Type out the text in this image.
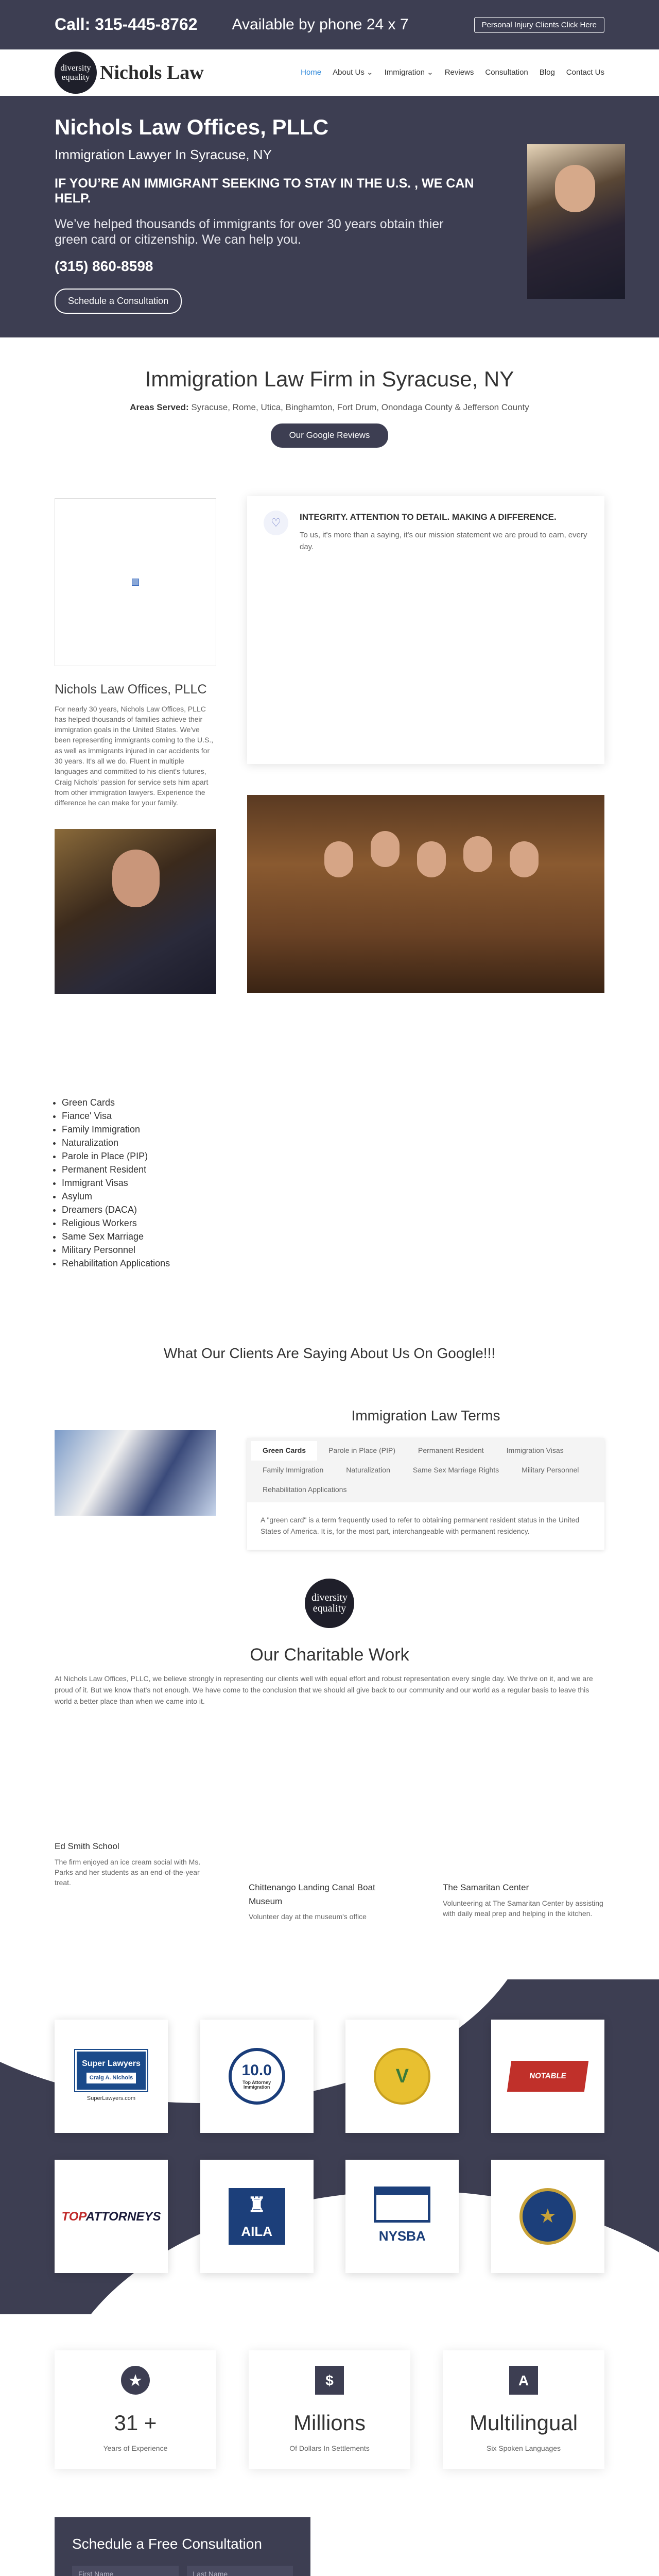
Call: 315-445-8762 Available by phone 24 x 7	Personal Injury Clients Click Here
diversity
equality Nichols Law	Home About Us ⌄ Immigration ⌄ Reviews Consultation Blog Contact Us
Nichols Law Offices, PLLC
Immigration Lawyer In Syracuse, NY
IF YOU’RE AN IMMIGRANT SEEKING TO STAY IN THE U.S. , WE CAN HELP.

We’ve helped thousands of immigrants for over 30 years obtain thier green card or citizenship. We can help you.

(315) 860-8598

Schedule a Consultation
Immigration Law Firm in Syracuse, NY
Areas Served: Syracuse, Rome, Utica, Binghamton, Fort Drum, Onondaga County & Jefferson County
Our Google Reviews
Nichols Law Offices, PLLC
For nearly 30 years, Nichols Law Offices, PLLC has helped thousands of families achieve their immigration goals in the United States. We've been representing immigrants coming to the U.S., as well as immigrants injured in car accidents for 30 years. It's all we do. Fluent in multiple languages and committed to his client's futures, Craig Nichols' passion for service sets him apart from other immigration lawyers. Experience the difference he can make for your family.
• Green Cards
• Fiance' Visa
• Family Immigration
• Naturalization
• Parole in Place (PIP)
• Permanent Resident
• Immigrant Visas
• Asylum
• Dreamers (DACA)
• Religious Workers
• Same Sex Marriage
• Military Personnel
• Rehabilitation Applications
♡	INTEGRITY. ATTENTION TO DETAIL. MAKING A DIFFERENCE.
To us, it's more than a saying, it's our mission statement we are proud to earn, every day.
What Our Clients Are Saying About Us On Google!!!
Immigration Law Terms
Green Cards	Parole in Place (PIP)	Permanent Resident	Immigration Visas
Family Immigration	Naturalization	Same Sex Marriage Rights	Military Personnel
Rehabilitation Applications
A "green card" is a term frequently used to refer to obtaining permanent resident status in the United States of America. It is, for the most part, interchangeable with permanent residency.
diversity
equality
Our Charitable Work
At Nichols Law Offices, PLLC, we believe strongly in representing our clients well with equal effort and robust representation every single day. We thrive on it, and we are proud of it. But we know that's not enough. We have come to the conclusion that we should all give back to our community and our world as a regular basis to leave this world a better place than when we came into it.
Ed Smith School

The firm enjoyed an ice cream social with Ms. Parks and her students as an end-of-the-year treat.

Chittenango Landing Canal Boat Museum

Volunteer day at the museum's office

The Samaritan Center

Volunteering at The Samaritan Center by assisting with daily meal prep and helping in the kitchen.

Super Lawyers
Craig A. Nichols
SuperLawyers.com
10.0
Top Attorney Immigration
V	NOTABLE
TOPATTORNEYS
♜
AILA	NYSBA
★
★
31 +
Years of Experience
$
Millions
Of Dollars In Settlements
A
Multilingual
Six Spoken Languages
Schedule a Free Consultation
First Name
Last Name
